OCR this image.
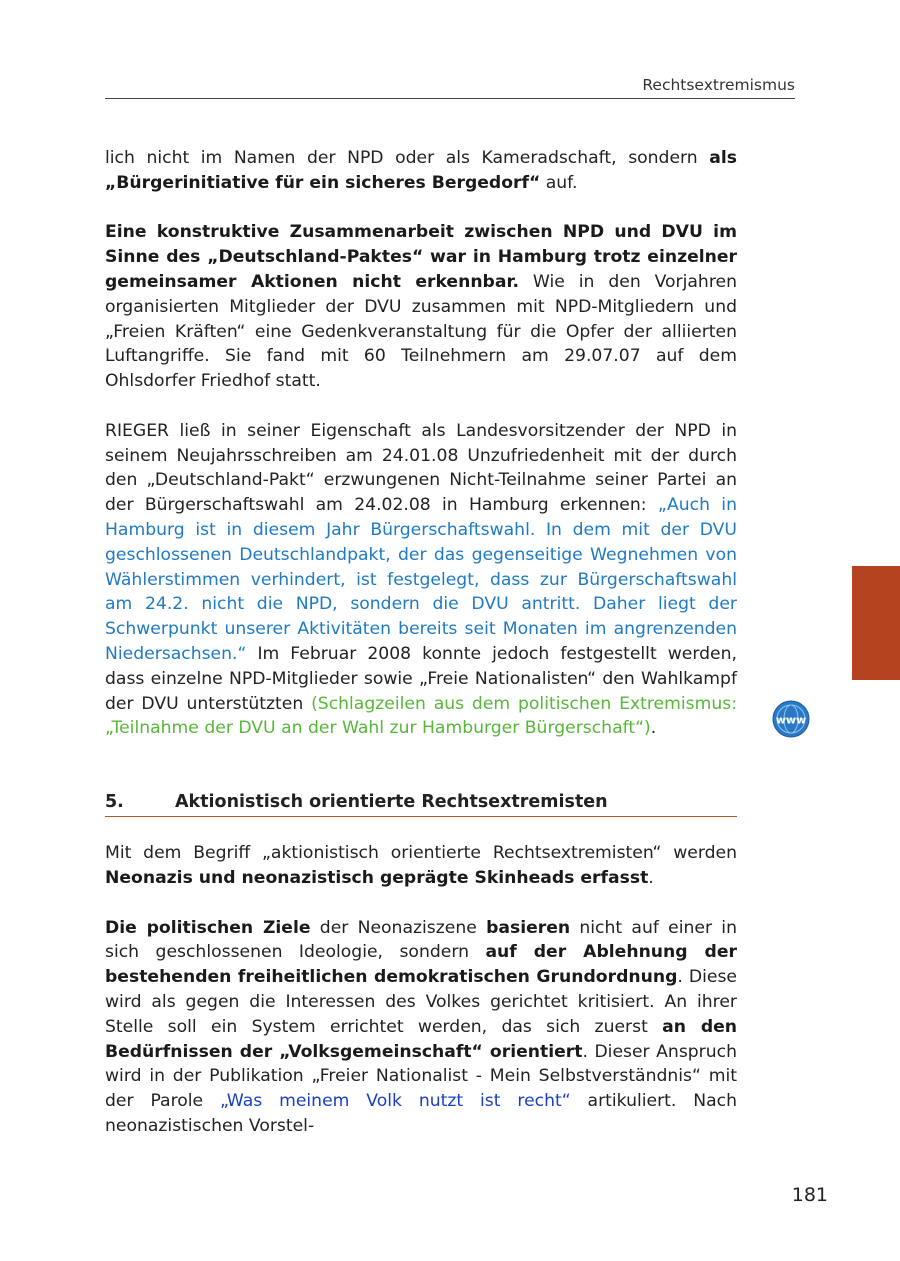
Rechtsextremismus

lich nicht im Namen der NPD oder als Kameradschaft, sondern als „Bürgerinitiative für ein sicheres Bergedorf“ auf.

Eine konstruktive Zusammenarbeit zwischen NPD und DVU im Sinne des „Deutschland-Paktes“ war in Hamburg trotz einzelner gemeinsamer Aktionen nicht erkennbar. Wie in den Vorjahren organisierten Mitglieder der DVU zusammen mit NPD-Mitgliedern und „Freien Kräften“ eine Gedenkveranstaltung für die Opfer der alliierten Luftangriffe. Sie fand mit 60 Teilnehmern am 29.07.07 auf dem Ohlsdorfer Friedhof statt.

RIEGER ließ in seiner Eigenschaft als Landesvorsitzender der NPD in seinem Neujahrsschreiben am 24.01.08 Unzufriedenheit mit der durch den „Deutschland-Pakt“ erzwungenen Nicht-Teilnahme seiner Partei an der Bürgerschaftswahl am 24.02.08 in Hamburg erkennen: „Auch in Hamburg ist in diesem Jahr Bürgerschaftswahl. In dem mit der DVU geschlossenen Deutschlandpakt, der das gegenseitige Wegnehmen von Wählerstimmen verhindert, ist festgelegt, dass zur Bürgerschaftswahl am 24.2. nicht die NPD, sondern die DVU antritt. Daher liegt der Schwerpunkt unserer Aktivitäten bereits seit Monaten im angrenzenden Niedersachsen.“ Im Februar 2008 konnte jedoch festgestellt werden, dass einzelne NPD-Mitglieder sowie „Freie Nationalisten“ den Wahlkampf der DVU unterstützten (Schlagzeilen aus dem politischen Extremismus: „Teilnahme der DVU an der Wahl zur Hamburger Bürgerschaft“).

5.	Aktionistisch orientierte Rechtsextremisten

Mit dem Begriff „aktionistisch orientierte Rechtsextremisten“ werden Neonazis und neonazistisch geprägte Skinheads erfasst.

Die politischen Ziele der Neonaziszene basieren nicht auf einer in sich geschlossenen Ideologie, sondern auf der Ablehnung der bestehenden freiheitlichen demokratischen Grundordnung. Diese wird als gegen die Interessen des Volkes gerichtet kritisiert. An ihrer Stelle soll ein System errichtet werden, das sich zuerst an den Bedürfnissen der „Volksgemeinschaft“ orientiert. Dieser Anspruch wird in der Publikation „Freier Nationalist - Mein Selbstverständnis“ mit der Parole „Was meinem Volk nutzt ist recht“ artikuliert. Nach neonazistischen Vorstel-

www
181
